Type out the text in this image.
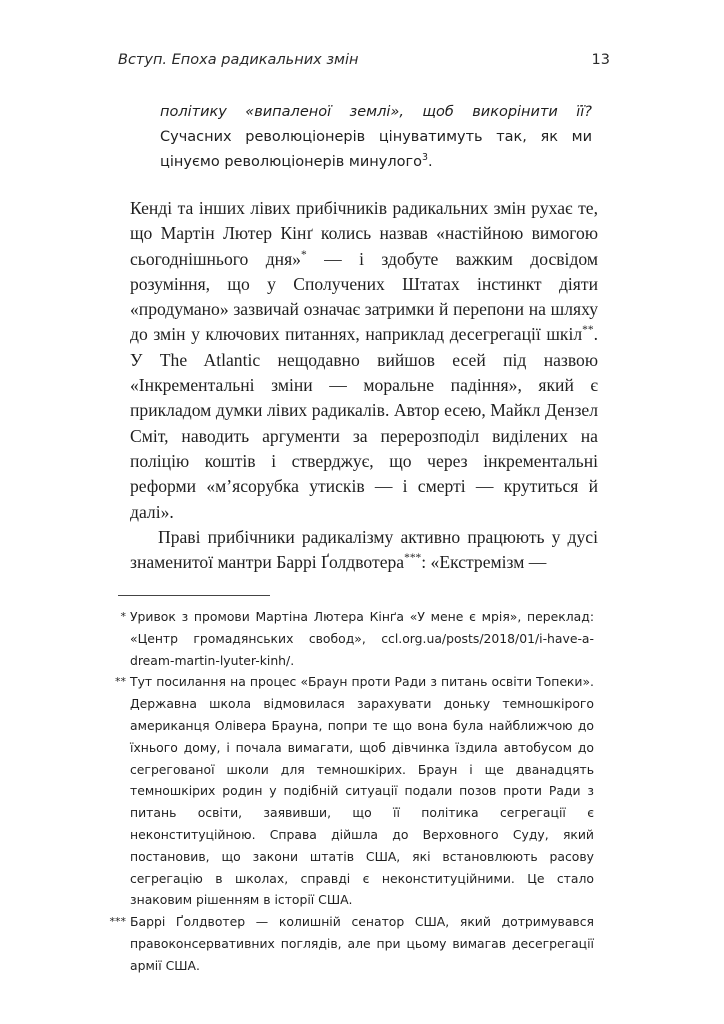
Вступ. Епоха радикальних змін	13

політику «випаленої землі», щоб викорінити її? Сучасних революціонерів цінуватимуть так, як ми цінуємо революціонерів минулого$^3$.

Кенді та інших лівих прибічників радикальних змін рухає те, що Мартін Лютер Кінґ колись назвав «настійною вимогою сьогоднішнього дня»* — і здобуте важким досвідом розуміння, що у Сполучених Штатах інстинкт діяти «продумано» зазвичай означає затримки й перепони на шляху до змін у ключових питаннях, наприклад десегрегації шкіл**. У The Atlantic нещодавно вийшов есей під назвою «Інкрементальні зміни — моральне падіння», який є прикладом думки лівих радикалів. Автор есею, Майкл Дензел Сміт, наводить аргументи за перерозподіл виділених на поліцію коштів і стверджує, що через інкрементальні реформи «м’ясорубка утисків — і смерті — крутиться й далі».

Праві прибічники радикалізму активно працюють у дусі знаменитої мантри Баррі Ґолдвотера***: «Екстремізм —

* Уривок з промови Мартіна Лютера Кінґа «У мене є мрія», переклад: «Центр громадянських свобод», ccl.org.ua/posts/2018/01/i-have-a-dream-martin-lyuter-kinh/.

** Тут посилання на процес «Браун проти Ради з питань освіти Топеки». Державна школа відмовилася зарахувати доньку темношкірого американця Олівера Брауна, попри те що вона була найближчою до їхнього дому, і почала вимагати, щоб дівчинка їздила автобусом до сегрегованої школи для темношкірих. Браун і ще дванадцять темношкірих родин у подібній ситуації подали позов проти Ради з питань освіти, заявивши, що її політика сегрегації є неконституційною. Справа дійшла до Верховного Суду, який постановив, що закони штатів США, які встановлюють расову сегрегацію в школах, справді є неконституційними. Це стало знаковим рішенням в історії США.

*** Баррі Ґолдвотер — колишній сенатор США, який дотримувався правоконсервативних поглядів, але при цьому вимагав десегрегації армії США.
